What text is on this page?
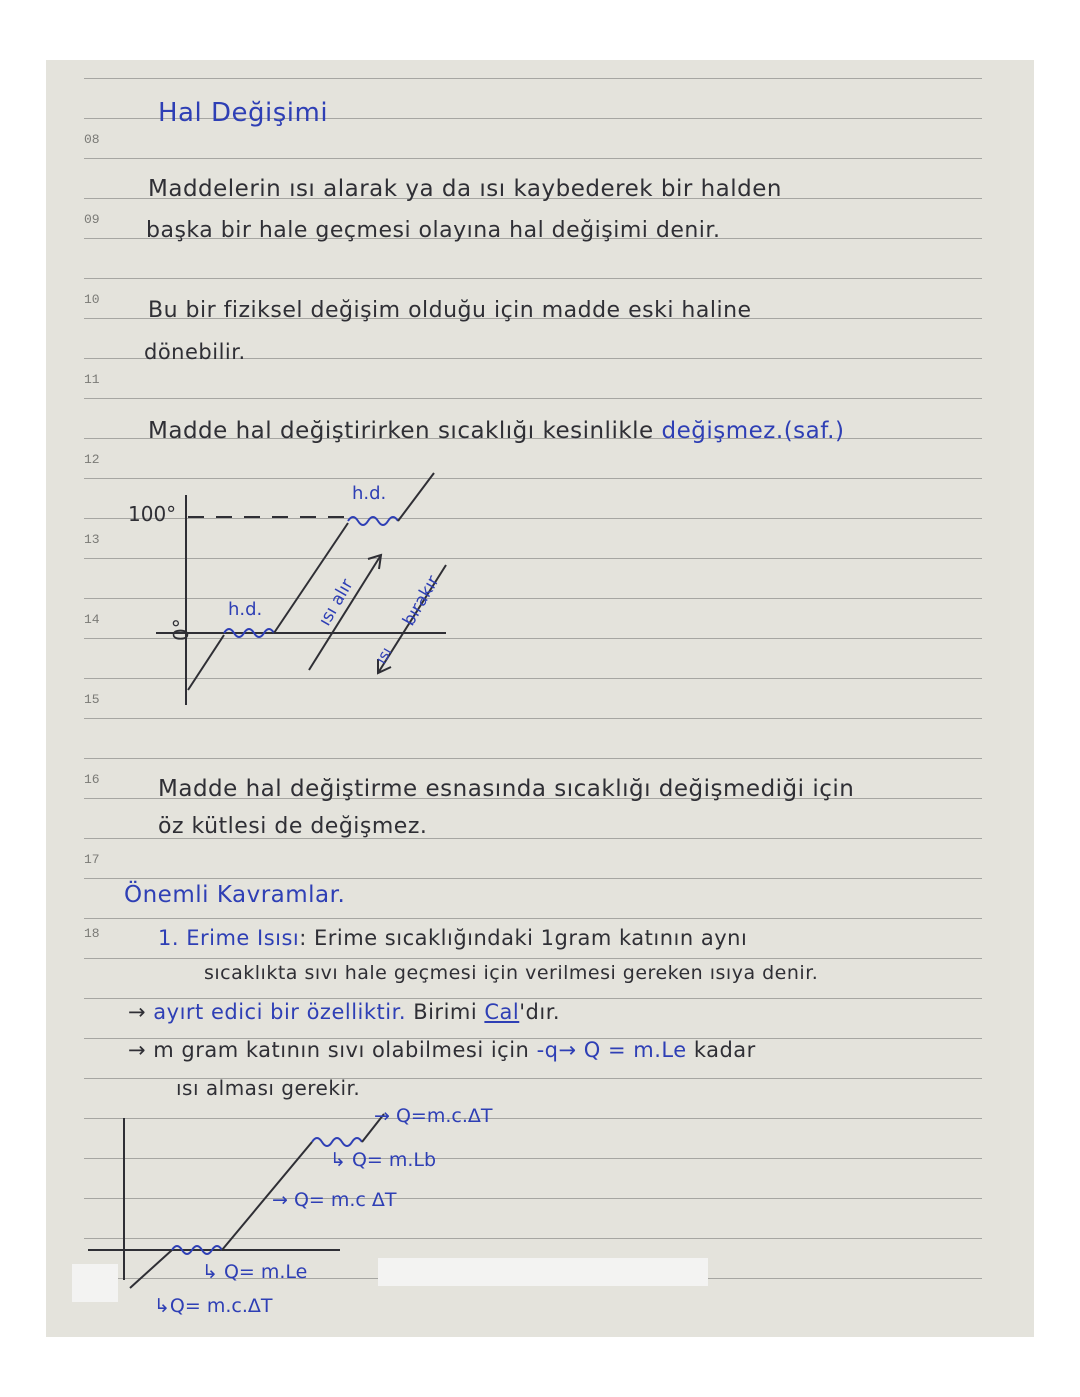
08
09
10
11
12
13
14
15
16
17
18
Hal Değişimi
Maddelerin ısı alarak ya da ısı kaybederek bir halden
başka bir hale geçmesi olayına hal değişimi denir.
Bu bir fiziksel değişim olduğu için madde eski haline
dönebilir.
Madde hal değiştirirken sıcaklığı kesinlikle değişmez.(saf.)
100°
0°
h.d.
h.d.	ısı alır bırakır
ısı
Madde hal değiştirme esnasında sıcaklığı değişmediği için
öz kütlesi de değişmez.
Önemli Kavramlar.
1. Erime Isısı: Erime sıcaklığındaki 1gram katının aynı
sıcaklıkta sıvı hale geçmesi için verilmesi gereken ısıya denir.
→ ayırt edici bir özelliktir. Birimi Cal'dır.
→ m gram katının sıvı olabilmesi için -q→ Q = m.Le kadar
ısı alması gerekir.
→ Q=m.c.ΔT
↳ Q= m.Lb
→ Q= m.c ΔT
↳ Q= m.Le
↳Q= m.c.ΔT
